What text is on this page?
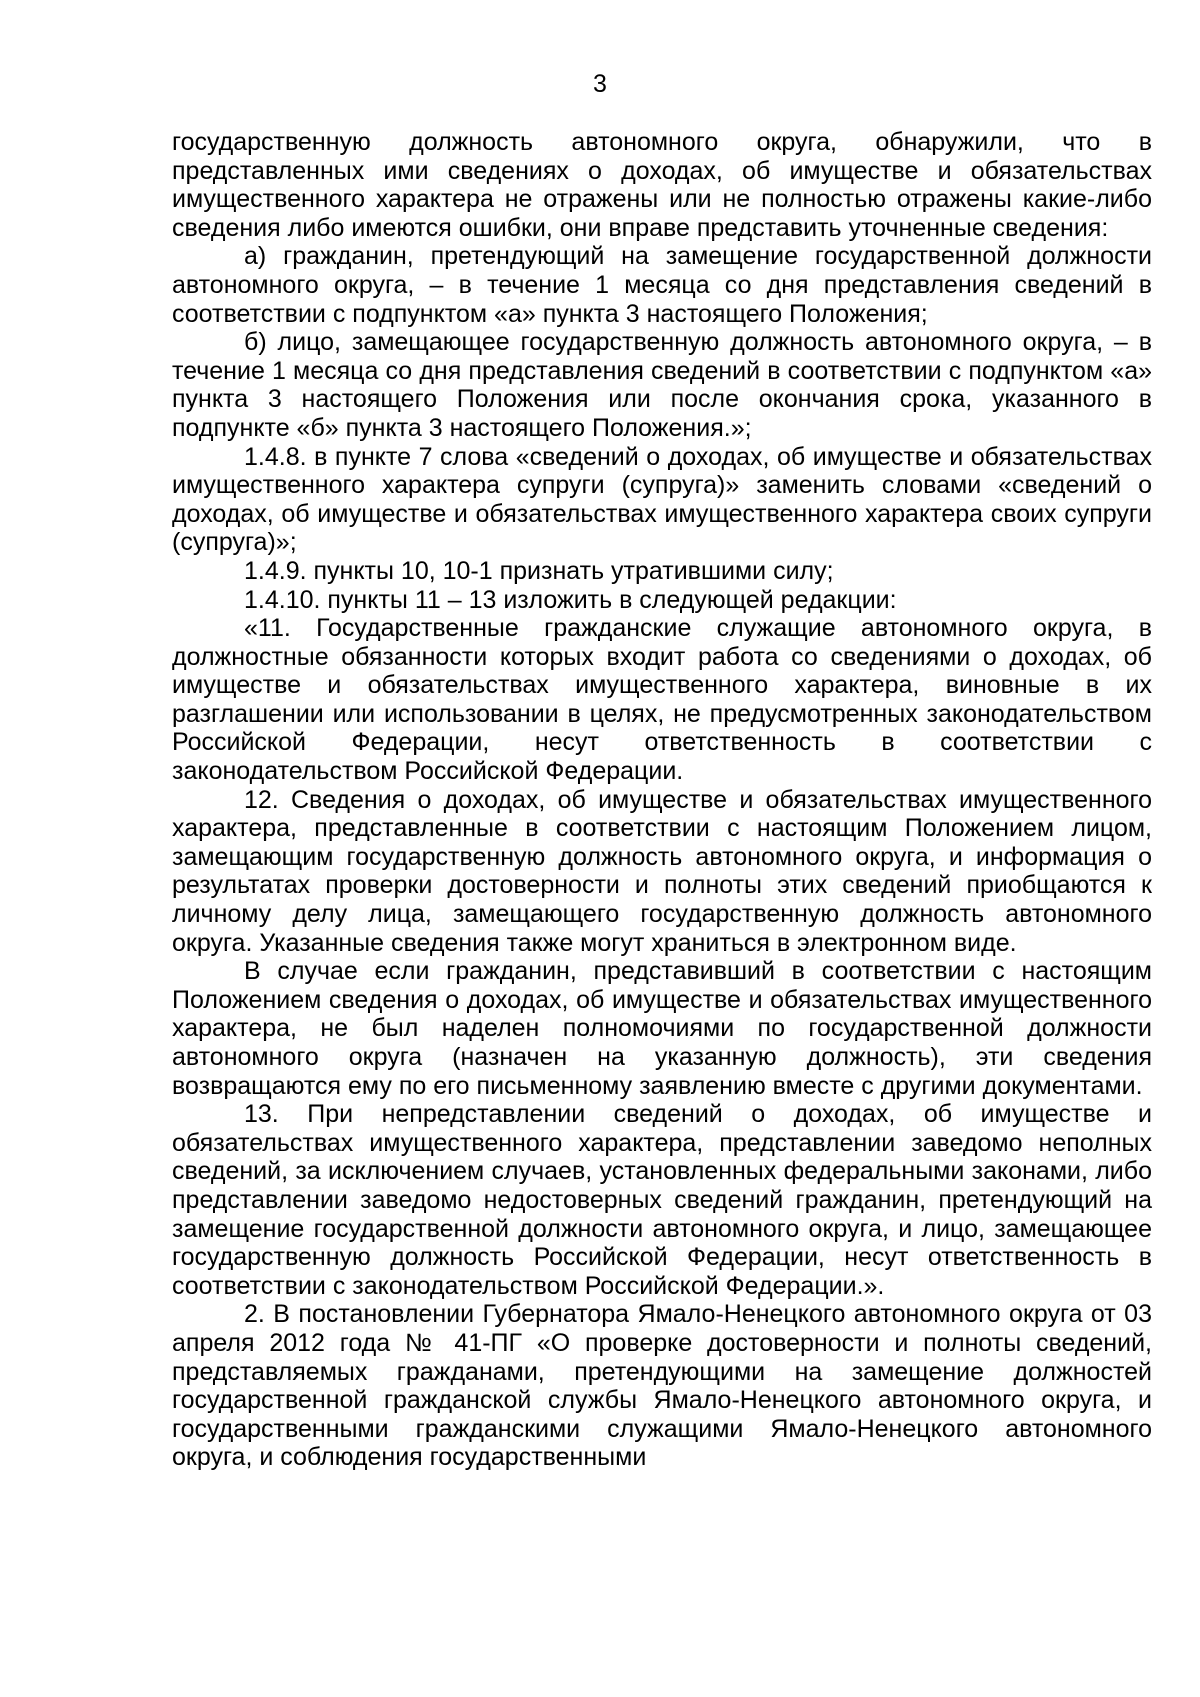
3

государственную должность автономного округа, обнаружили, что в представленных ими сведениях о доходах, об имуществе и обязательствах имущественного характера не отражены или не полностью отражены какие-либо сведения либо имеются ошибки, они вправе представить уточненные сведения:

а) гражданин, претендующий на замещение государственной должности автономного округа, – в течение 1 месяца со дня представления сведений в соответствии с подпунктом «а» пункта 3 настоящего Положения;

б) лицо, замещающее государственную должность автономного округа, – в течение 1 месяца со дня представления сведений в соответствии с подпунктом «а» пункта 3 настоящего Положения или после окончания срока, указанного в подпункте «б» пункта 3 настоящего Положения.»;

1.4.8. в пункте 7 слова «сведений о доходах, об имуществе и обязательствах имущественного характера супруги (супруга)» заменить словами «сведений о доходах, об имуществе и обязательствах имущественного характера своих супруги (супруга)»;

1.4.9. пункты 10, 10-1 признать утратившими силу;

1.4.10. пункты 11 – 13 изложить в следующей редакции:

«11. Государственные гражданские служащие автономного округа, в должностные обязанности которых входит работа со сведениями о доходах, об имуществе и обязательствах имущественного характера, виновные в их разглашении или использовании в целях, не предусмотренных законодательством Российской Федерации, несут ответственность в соответствии с законодательством Российской Федерации.

12. Сведения о доходах, об имуществе и обязательствах имущественного характера, представленные в соответствии с настоящим Положением лицом, замещающим государственную должность автономного округа, и информация о результатах проверки достоверности и полноты этих сведений приобщаются к личному делу лица, замещающего государственную должность автономного округа. Указанные сведения также могут храниться в электронном виде.

В случае если гражданин, представивший в соответствии с настоящим Положением сведения о доходах, об имуществе и обязательствах имущественного характера, не был наделен полномочиями по государственной должности автономного округа (назначен на указанную должность), эти сведения возвращаются ему по его письменному заявлению вместе с другими документами.

13. При непредставлении сведений о доходах, об имуществе и обязательствах имущественного характера, представлении заведомо неполных сведений, за исключением случаев, установленных федеральными законами, либо представлении заведомо недостоверных сведений гражданин, претендующий на замещение государственной должности автономного округа, и лицо, замещающее государственную должность Российской Федерации, несут ответственность в соответствии с законодательством Российской Федерации.».

2. В постановлении Губернатора Ямало-Ненецкого автономного округа от 03 апреля 2012 года № 41-ПГ «О проверке достоверности и полноты сведений, представляемых гражданами, претендующими на замещение должностей государственной гражданской службы Ямало-Ненецкого автономного округа, и государственными гражданскими служащими Ямало-Ненецкого автономного округа, и соблюдения государственными
